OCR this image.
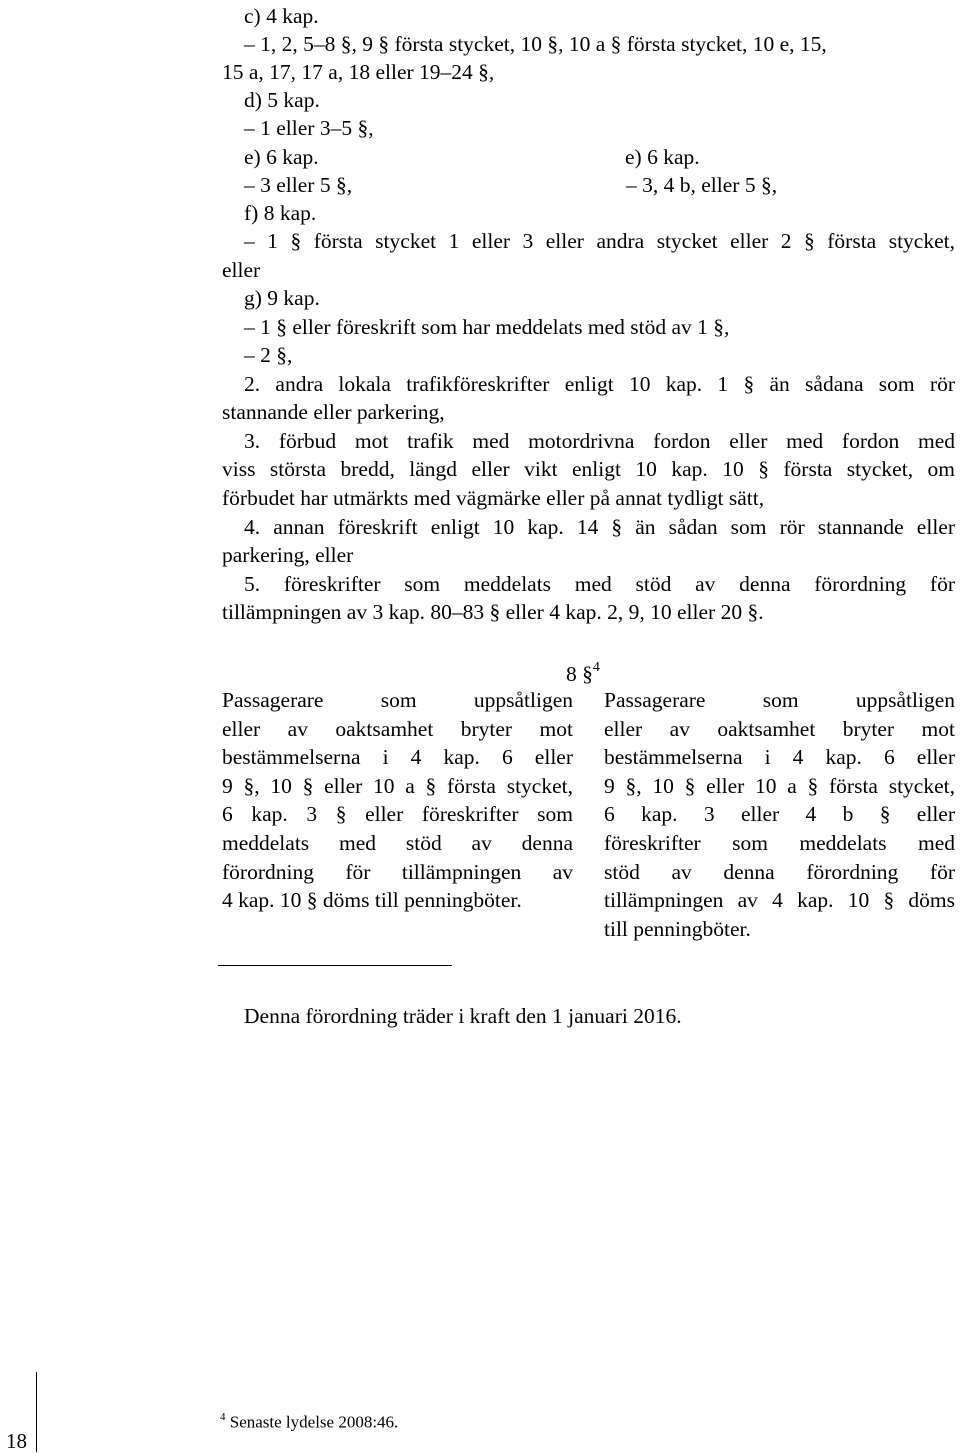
c) 4 kap.
– 1, 2, 5–8 §, 9 § första stycket, 10 §, 10 a § första stycket, 10 e, 15,
15 a, 17, 17 a, 18 eller 19–24 §,
d) 5 kap.
– 1 eller 3–5 §,
e) 6 kap.	e) 6 kap.
– 3 eller 5 §,	– 3, 4 b, eller 5 §,
f) 8 kap.
– 1 § första stycket 1 eller 3 eller andra stycket eller 2 § första stycket,
eller
g) 9 kap.
– 1 § eller föreskrift som har meddelats med stöd av 1 §,
– 2 §,
2. andra lokala trafikföreskrifter enligt 10 kap. 1 § än sådana som rör
stannande eller parkering,
3. förbud mot trafik med motordrivna fordon eller med fordon med
viss största bredd, längd eller vikt enligt 10 kap. 10 § första stycket, om
förbudet har utmärkts med vägmärke eller på annat tydligt sätt,
4. annan föreskrift enligt 10 kap. 14 § än sådan som rör stannande eller
parkering, eller
5. föreskrifter som meddelats med stöd av denna förordning för
tillämpningen av 3 kap. 80–83 § eller 4 kap. 2, 9, 10 eller 20 §.
8 §$^4$

Passagerare som uppsåtligen

eller av oaktsamhet bryter mot

bestämmelserna i 4 kap. 6 eller

9 §, 10 § eller 10 a § första stycket,

6 kap. 3 § eller föreskrifter som

meddelats med stöd av denna

förordning för tillämpningen av

4 kap. 10 § döms till penningböter.

Passagerare som uppsåtligen

eller av oaktsamhet bryter mot

bestämmelserna i 4 kap. 6 eller

9 §, 10 § eller 10 a § första stycket,

6 kap. 3 eller 4 b § eller

föreskrifter som meddelats med

stöd av denna förordning för

tillämpningen av 4 kap. 10 § döms

till penningböter.

Denna förordning träder i kraft den 1 januari 2016.
$^4$ Senaste lydelse 2008:46.
18
